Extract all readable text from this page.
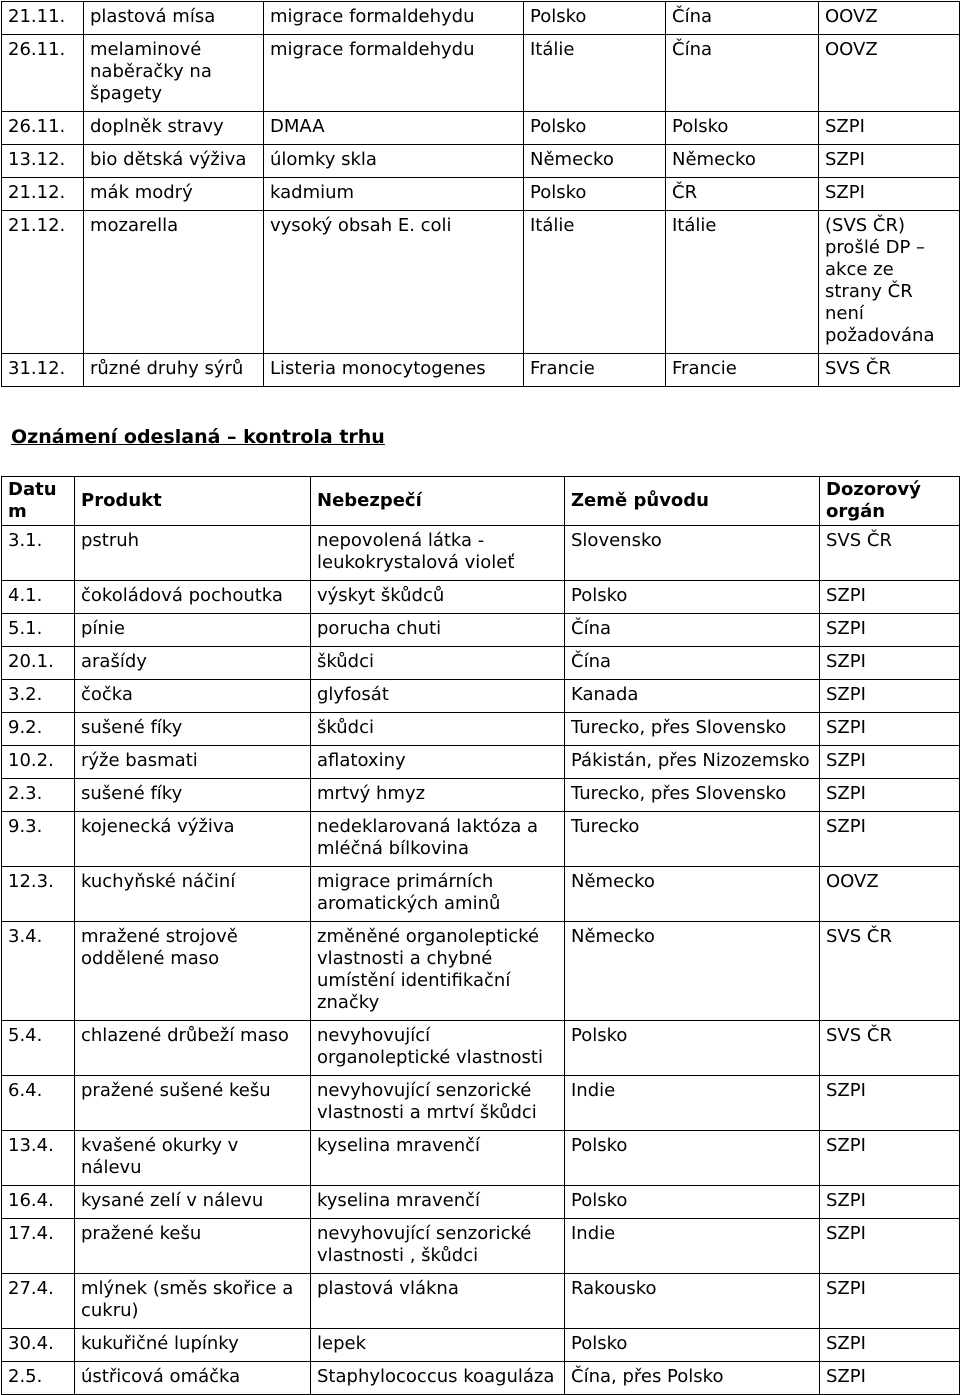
21.11.	plastová mísa	migrace formaldehydu	Polsko	Čína	OOVZ
26.11.	melaminové naběračky na špagety	migrace formaldehydu	Itálie	Čína	OOVZ
26.11.	doplněk stravy	DMAA	Polsko	Polsko	SZPI
13.12.	bio dětská výživa	úlomky skla	Německo	Německo	SZPI
21.12.	mák modrý	kadmium	Polsko	ČR	SZPI
21.12.	mozarella	vysoký obsah E. coli	Itálie	Itálie	(SVS ČR) prošlé DP – akce ze strany ČR není požadována
31.12.	různé druhy sýrů	Listeria monocytogenes	Francie	Francie	SVS ČR
Oznámení odeslaná – kontrola trhu
Datum	Produkt	Nebezpečí	Země původu	Dozorový orgán
3.1.	pstruh	nepovolená látka - leukokrystalová violeť	Slovensko	SVS ČR
4.1.	čokoládová pochoutka	výskyt škůdců	Polsko	SZPI
5.1.	pínie	porucha chuti	Čína	SZPI
20.1.	arašídy	škůdci	Čína	SZPI
3.2.	čočka	glyfosát	Kanada	SZPI
9.2.	sušené fíky	škůdci	Turecko, přes Slovensko	SZPI
10.2.	rýže basmati	aflatoxiny	Pákistán, přes Nizozemsko	SZPI
2.3.	sušené fíky	mrtvý hmyz	Turecko, přes Slovensko	SZPI
9.3.	kojenecká výživa	nedeklarovaná laktóza a mléčná bílkovina	Turecko	SZPI
12.3.	kuchyňské náčiní	migrace primárních aromatických aminů	Německo	OOVZ
3.4.	mražené strojově oddělené maso	změněné organoleptické vlastnosti a chybné umístění identifikační značky	Německo	SVS ČR
5.4.	chlazené drůbeží maso	nevyhovující organoleptické vlastnosti	Polsko	SVS ČR
6.4.	pražené sušené kešu	nevyhovující senzorické vlastnosti a mrtví škůdci	Indie	SZPI
13.4.	kvašené okurky v nálevu	kyselina mravenčí	Polsko	SZPI
16.4.	kysané zelí v nálevu	kyselina mravenčí	Polsko	SZPI
17.4.	pražené kešu	nevyhovující senzorické vlastnosti , škůdci	Indie	SZPI
27.4.	mlýnek (směs skořice a cukru)	plastová vlákna	Rakousko	SZPI
30.4.	kukuřičné lupínky	lepek	Polsko	SZPI
2.5.	ústřicová omáčka	Staphylococcus koaguláza	Čína, přes Polsko	SZPI
